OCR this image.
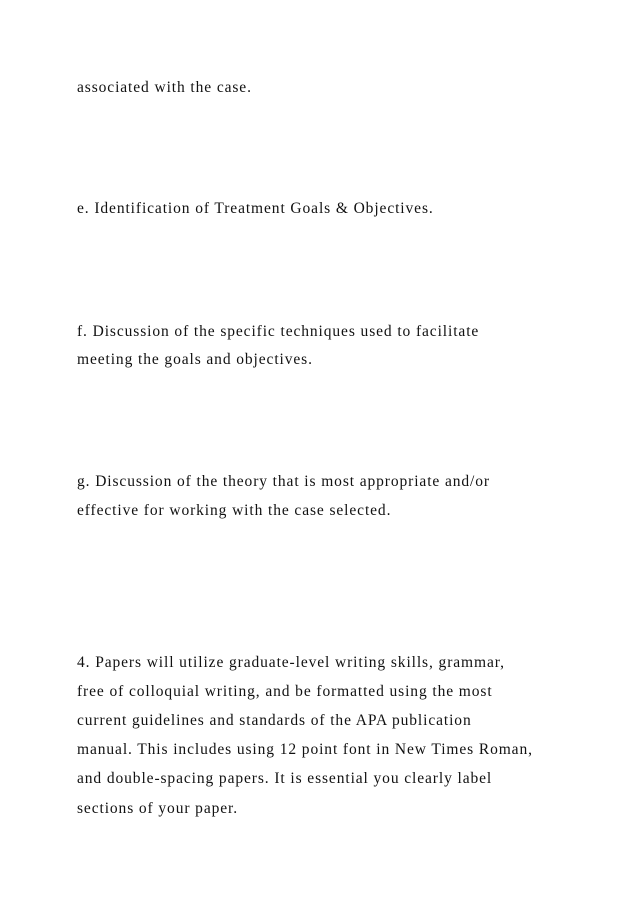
associated with the case.

e. Identification of Treatment Goals & Objectives.

f. Discussion of the specific techniques used to facilitate

meeting the goals and objectives.

g. Discussion of the theory that is most appropriate and/or

effective for working with the case selected.

4. Papers will utilize graduate-level writing skills, grammar,

free of colloquial writing, and be formatted using the most

current guidelines and standards of the APA publication

manual. This includes using 12 point font in New Times Roman,

and double-spacing papers. It is essential you clearly label

sections of your paper.
